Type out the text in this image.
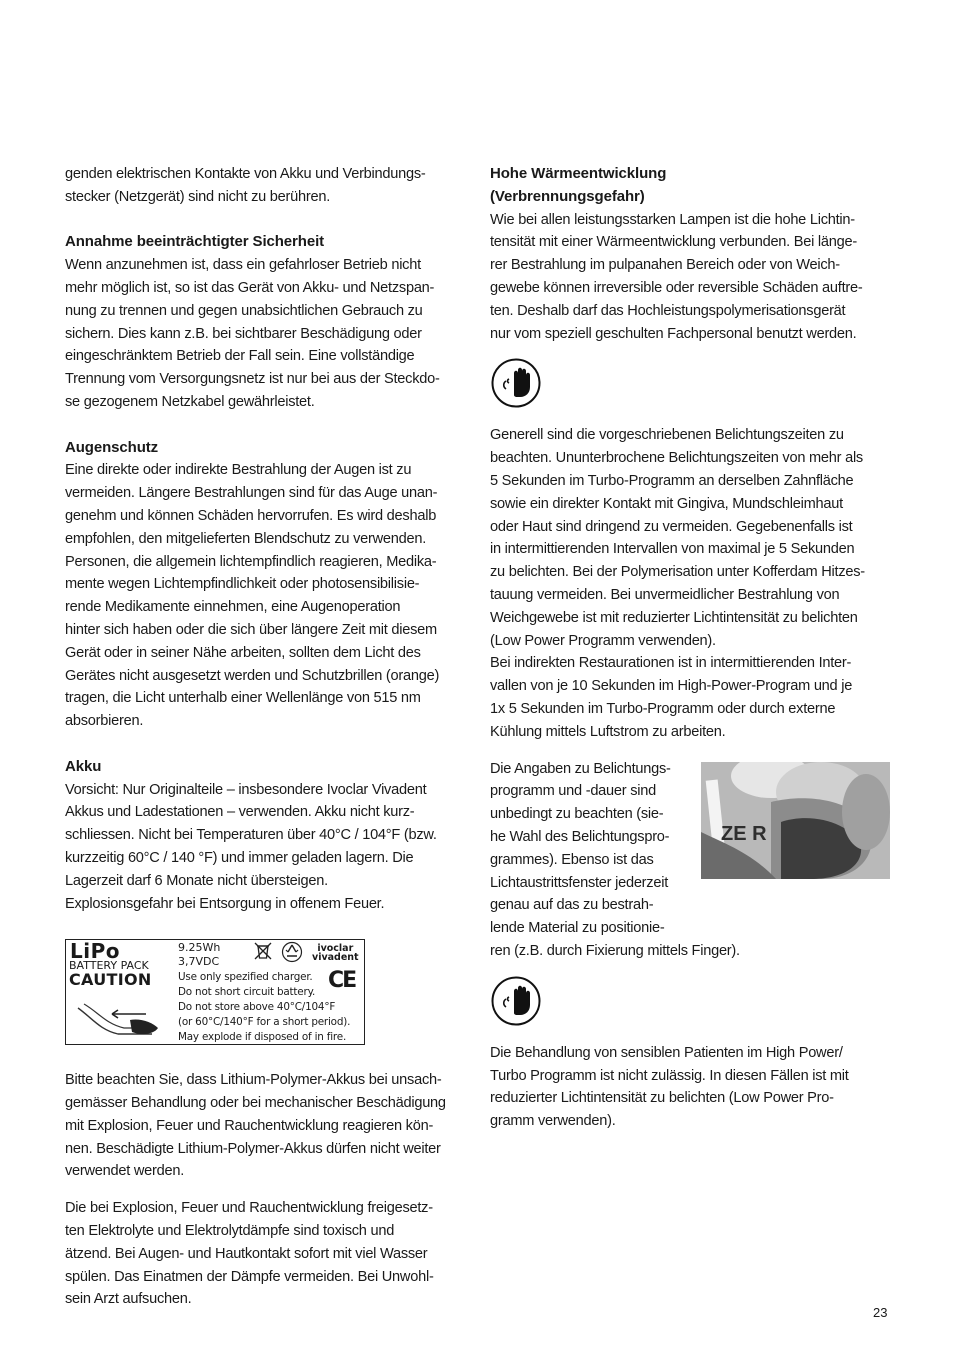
genden elektrischen Kontakte von Akku und Verbindungs-

stecker (Netzgerät) sind nicht zu berühren.

Annahme beeinträchtigter Sicherheit

Wenn anzunehmen ist, dass ein gefahrloser Betrieb nicht

mehr möglich ist, so ist das Gerät von Akku- und Netzspan-

nung zu trennen und gegen unabsichtlichen Gebrauch zu

sichern. Dies kann z.B. bei sichtbarer Beschädigung oder

eingeschränktem Betrieb der Fall sein. Eine vollständige

Trennung vom Versorgungsnetz ist nur bei aus der Steckdo-

se gezogenem Netzkabel gewährleistet.

Augenschutz

Eine direkte oder indirekte Bestrahlung der Augen ist zu

vermeiden. Längere Bestrahlungen sind für das Auge unan-

genehm und können Schäden hervorrufen. Es wird deshalb

empfohlen, den mitgelieferten Blendschutz zu verwenden.

Personen, die allgemein lichtempfindlich reagieren, Medika-

mente wegen Lichtempfindlichkeit oder photosensibilisie-

rende Medikamente einnehmen, eine Augenoperation

hinter sich haben oder die sich über längere Zeit mit diesem

Gerät oder in seiner Nähe arbeiten, sollten dem Licht des

Gerätes nicht ausgesetzt werden und Schutzbrillen (orange)

tragen, die Licht unterhalb einer Wellenlänge von 515 nm

absorbieren.

Akku

Vorsicht: Nur Originalteile – insbesondere Ivoclar Vivadent

Akkus und Ladestationen – verwenden. Akku nicht kurz-

schliessen. Nicht bei Temperaturen über 40°C / 104°F (bzw.

kurzzeitig 60°C / 140 °F) und immer geladen lagern. Die

Lagerzeit darf 6 Monate nicht übersteigen.

Explosionsgefahr bei Entsorgung in offenem Feuer.

LiPo
BATTERY PACK
CAUTION
9.25Wh
3,7VDC
Use only spezified charger.
Do not short circuit battery.
Do not store above 40°C/104°F
(or 60°C/140°F for a short period).
May explode if disposed of in fire.
ivoclar
vivadent
CE

Bitte beachten Sie, dass Lithium-Polymer-Akkus bei unsach-

gemässer Behandlung oder bei mechanischer Beschädigung

mit Explosion, Feuer und Rauchentwicklung reagieren kön-

nen. Beschädigte Lithium-Polymer-Akkus dürfen nicht weiter

verwendet werden.

Die bei Explosion, Feuer und Rauchentwicklung freigesetz-

ten Elektrolyte und Elektrolytdämpfe sind toxisch und

ätzend. Bei Augen- und Hautkontakt sofort mit viel Wasser

spülen. Das Einatmen der Dämpfe vermeiden. Bei Unwohl-

sein Arzt aufsuchen.

Hohe Wärmeentwicklung
(Verbrennungsgefahr)

Wie bei allen leistungsstarken Lampen ist die hohe Lichtin-

tensität mit einer Wärmeentwicklung verbunden. Bei länge-

rer Bestrahlung im pulpanahen Bereich oder von Weich-

gewebe können irreversible oder reversible Schäden auftre-

ten. Deshalb darf das Hochleistungspolymerisationsgerät

nur vom speziell geschulten Fachpersonal benutzt werden.

Generell sind die vorgeschriebenen Belichtungszeiten zu

beachten. Ununterbrochene Belichtungszeiten von mehr als

5 Sekunden im Turbo-Programm an derselben Zahnfläche

sowie ein direkter Kontakt mit Gingiva, Mundschleimhaut

oder Haut sind dringend zu vermeiden. Gegebenenfalls ist

in intermittierenden Intervallen von maximal je 5 Sekunden

zu belichten. Bei der Polymerisation unter Kofferdam Hitzes-

tauung vermeiden. Bei unvermeidlicher Bestrahlung von

Weichgewebe ist mit reduzierter Lichtintensität zu belichten

(Low Power Programm verwenden).

Bei indirekten Restaurationen ist in intermittierenden Inter-

vallen von je 10 Sekunden im High-Power-Program und je

1x 5 Sekunden im Turbo-Programm oder durch externe

Kühlung mittels Luftstrom zu arbeiten.

Die Angaben zu Belichtungs-

programm und -dauer sind

unbedingt zu beachten (sie-

he Wahl des Belichtungspro-

grammes). Ebenso ist das

Lichtaustrittsfenster jederzeit

genau auf das zu bestrah-

lende Material zu positionie-

ren (z.B. durch Fixierung mittels Finger).

ZE R

Die Behandlung von sensiblen Patienten im High Power/

Turbo Programm ist nicht zulässig. In diesen Fällen ist mit

reduzierter Lichtintensität zu belichten (Low Power Pro-

gramm verwenden).

23
